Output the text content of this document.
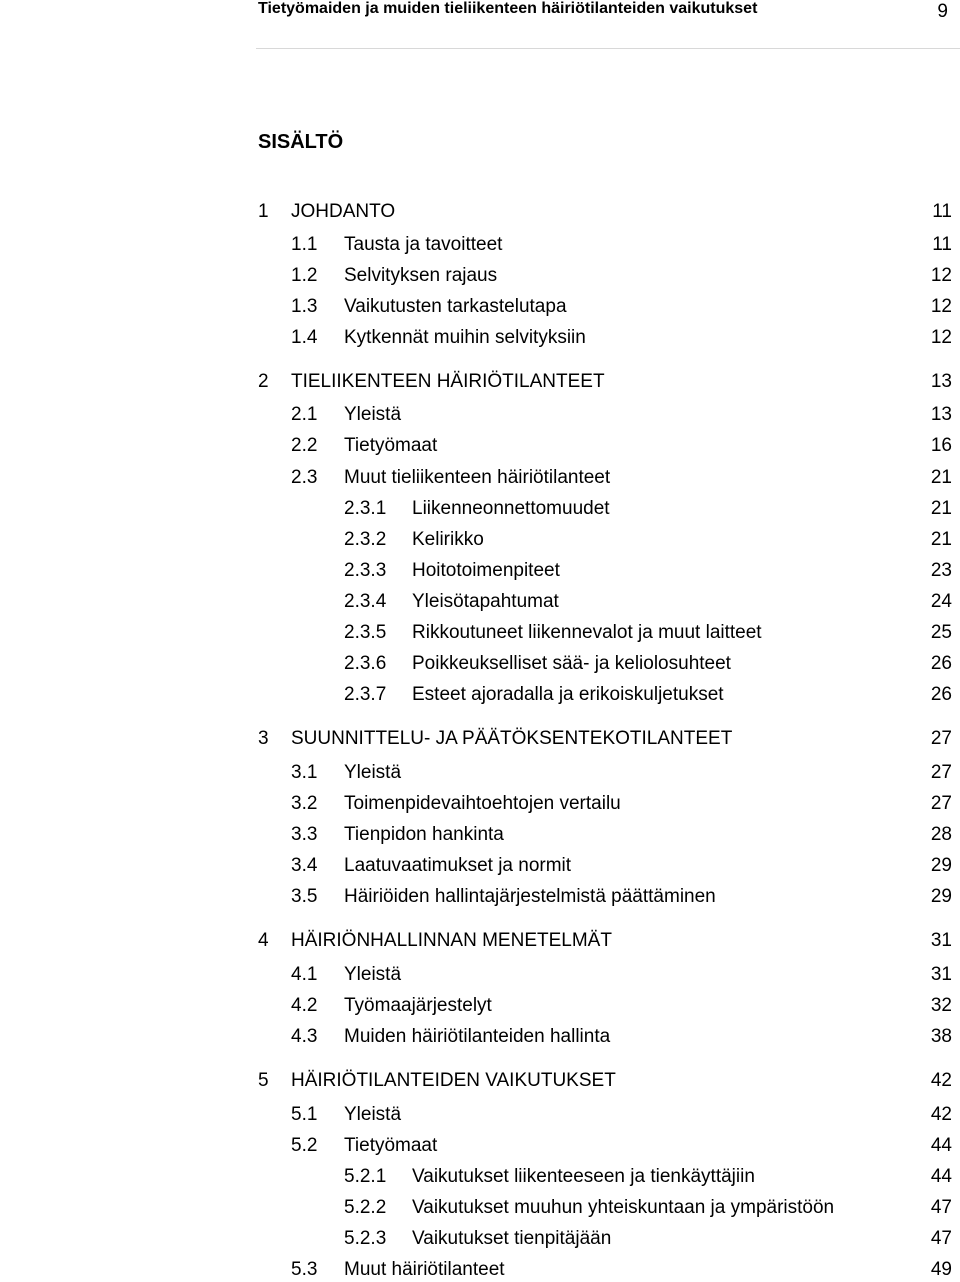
Tietyömaiden ja muiden tieliikenteen häiriötilanteiden vaikutukset	9
SISÄLTÖ
1 JOHDANTO	11
1.1 Tausta ja tavoitteet	11
1.2 Selvityksen rajaus	12
1.3 Vaikutusten tarkastelutapa	12
1.4 Kytkennät muihin selvityksiin	12
2 TIELIIKENTEEN HÄIRIÖTILANTEET	13
2.1 Yleistä	13
2.2 Tietyömaat	16
2.3 Muut tieliikenteen häiriötilanteet	21
2.3.1 Liikenneonnettomuudet	21
2.3.2 Kelirikko	21
2.3.3 Hoitotoimenpiteet	23
2.3.4 Yleisötapahtumat	24
2.3.5 Rikkoutuneet liikennevalot ja muut laitteet	25
2.3.6 Poikkeukselliset sää- ja keliolosuhteet	26
2.3.7 Esteet ajoradalla ja erikoiskuljetukset	26
3 SUUNNITTELU- JA PÄÄTÖKSENTEKOTILANTEET	27
3.1 Yleistä	27
3.2 Toimenpidevaihtoehtojen vertailu	27
3.3 Tienpidon hankinta	28
3.4 Laatuvaatimukset ja normit	29
3.5 Häiriöiden hallintajärjestelmistä päättäminen	29
4 HÄIRIÖNHALLINNAN MENETELMÄT	31
4.1 Yleistä	31
4.2 Työmaajärjestelyt	32
4.3 Muiden häiriötilanteiden hallinta	38
5 HÄIRIÖTILANTEIDEN VAIKUTUKSET	42
5.1 Yleistä	42
5.2 Tietyömaat	44
5.2.1 Vaikutukset liikenteeseen ja tienkäyttäjiin	44
5.2.2 Vaikutukset muuhun yhteiskuntaan ja ympäristöön	47
5.2.3 Vaikutukset tienpitäjään	47
5.3 Muut häiriötilanteet	49
